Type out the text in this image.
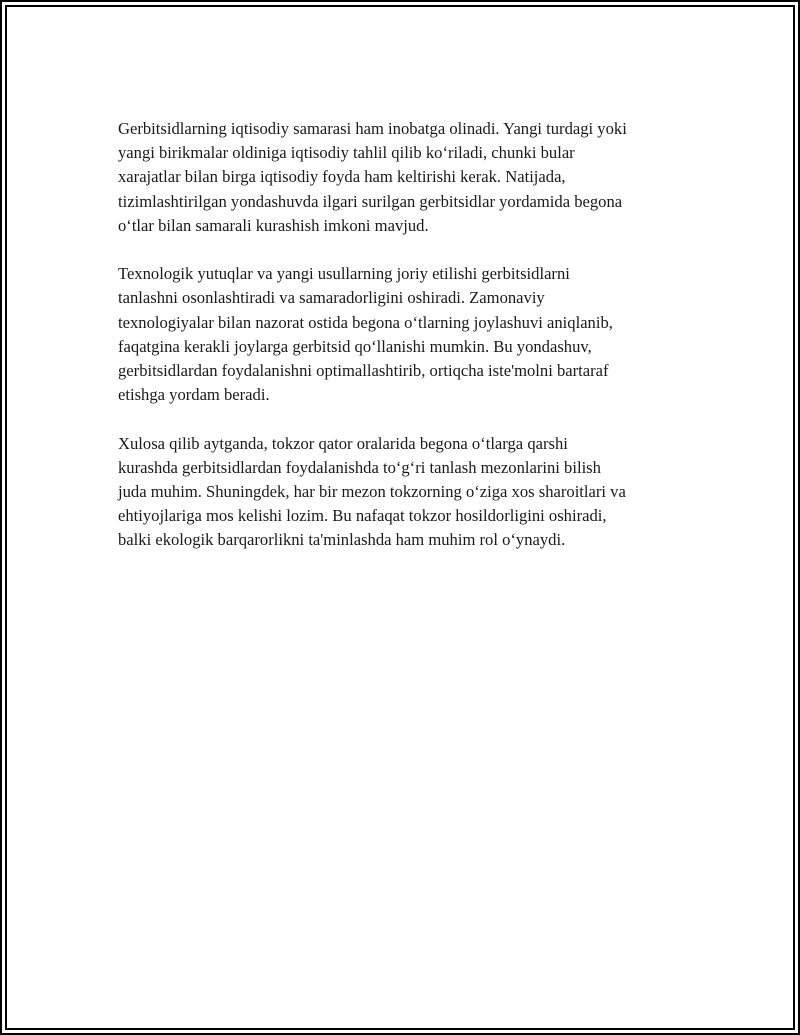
Gerbitsidlarning iqtisodiy samarasi ham inobatga olinadi. Yangi turdagi yoki
yangi birikmalar oldiniga iqtisodiy tahlil qilib ko‘riladi, chunki bular
xarajatlar bilan birga iqtisodiy foyda ham keltirishi kerak. Natijada,
tizimlashtirilgan yondashuvda ilgari surilgan gerbitsidlar yordamida begona
o‘tlar bilan samarali kurashish imkoni mavjud.

Texnologik yutuqlar va yangi usullarning joriy etilishi gerbitsidlarni
tanlashni osonlashtiradi va samaradorligini oshiradi. Zamonaviy
texnologiyalar bilan nazorat ostida begona o‘tlarning joylashuvi aniqlanib,
faqatgina kerakli joylarga gerbitsid qo‘llanishi mumkin. Bu yondashuv,
gerbitsidlardan foydalanishni optimallashtirib, ortiqcha iste'molni bartaraf
etishga yordam beradi.

Xulosa qilib aytganda, tokzor qator oralarida begona o‘tlarga qarshi
kurashda gerbitsidlardan foydalanishda to‘g‘ri tanlash mezonlarini bilish
juda muhim. Shuningdek, har bir mezon tokzorning o‘ziga xos sharoitlari va
ehtiyojlariga mos kelishi lozim. Bu nafaqat tokzor hosildorligini oshiradi,
balki ekologik barqarorlikni ta'minlashda ham muhim rol o‘ynaydi.
